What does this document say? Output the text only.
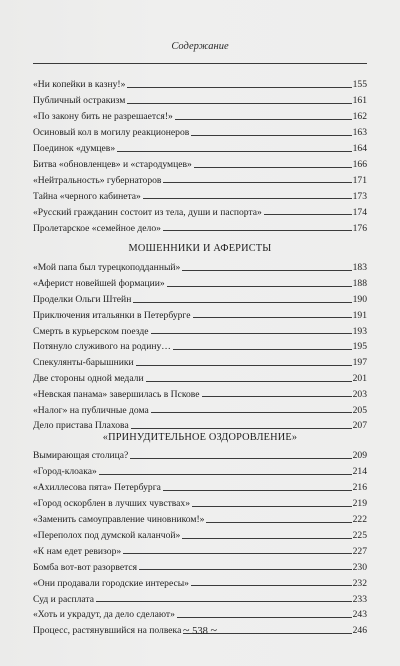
Содержание
«Ни копейки в казну!»	155
Публичный остракизм	161
«По закону бить не разрешается!»	162
Осиновый кол в могилу реакционеров	163
Поединок «думцев»	164
Битва «обновленцев» и «стародумцев»	166
«Нейтральность» губернаторов	171
Тайна «черного кабинета»	173
«Русский гражданин состоит из тела, души и паспорта»	174
Пролетарское «семейное дело»	176
МОШЕННИКИ И АФЕРИСТЫ
«Мой папа был турецкоподданный»	183
«Аферист новейшей формации»	188
Проделки Ольги Штейн	190
Приключения итальянки в Петербурге	191
Смерть в курьерском поезде	193
Потянуло служивого на родину…	195
Спекулянты-барышники	197
Две стороны одной медали	201
«Невская панама» завершилась в Пскове	203
«Налог» на публичные дома	205
Дело пристава Плахова	207
«ПРИНУДИТЕЛЬНОЕ ОЗДОРОВЛЕНИЕ»
Вымирающая столица?	209
«Город-клоака»	214
«Ахиллесова пята» Петербурга	216
«Город оскорблен в лучших чувствах»	219
«Заменить самоуправление чиновником!»	222
«Переполох под думской каланчой»	225
«К нам едет ревизор»	227
Бомба вот-вот разорвется	230
«Они продавали городские интересы»	232
Суд и расплата	233
«Хоть и украдут, да дело сделают»	243
Процесс, растянувшийся на полвека	246
~ 538 ~
